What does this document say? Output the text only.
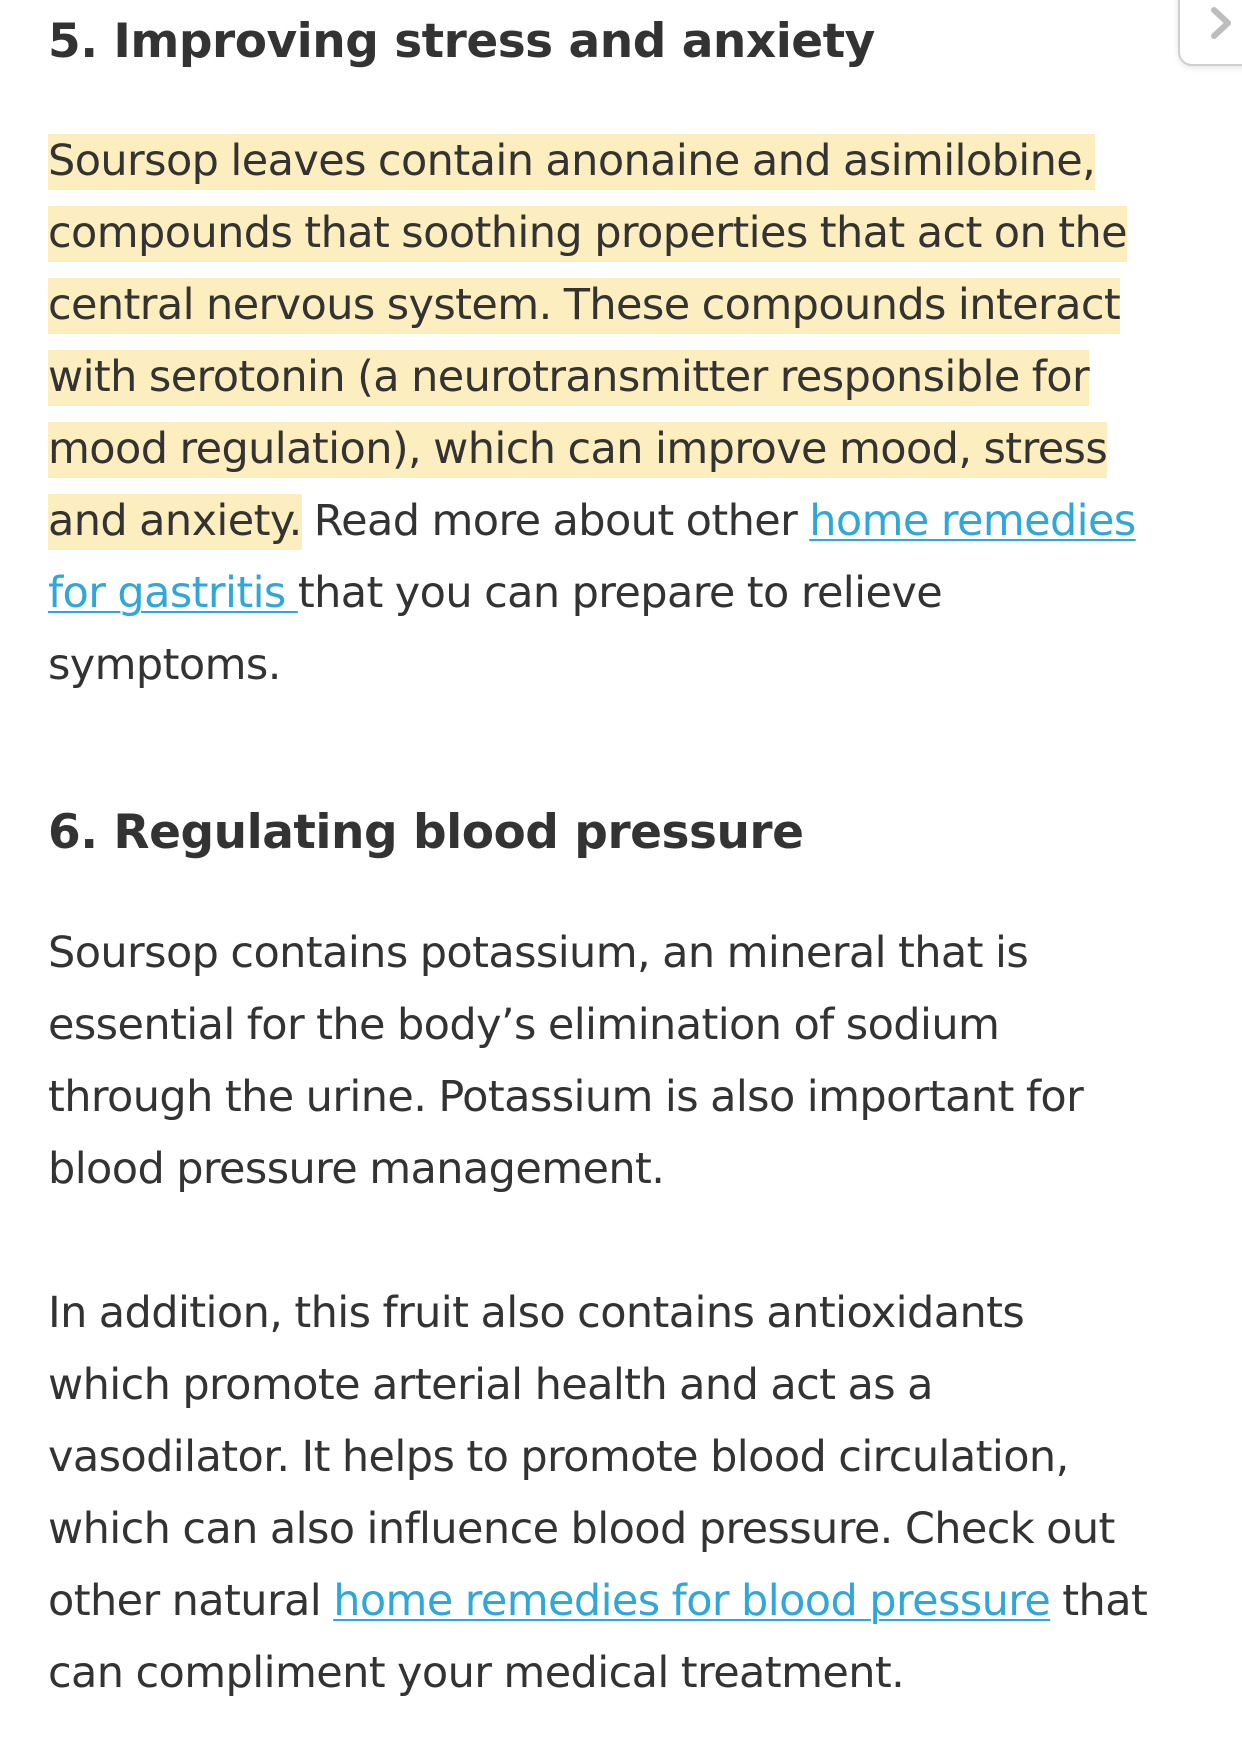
5. Improving stress and anxiety

Soursop leaves contain anonaine and asimilobine,
compounds that soothing properties that act on the
central nervous system. These compounds interact
with serotonin (a neurotransmitter responsible for
mood regulation), which can improve mood, stress
and anxiety. Read more about other home remedies
for gastritis that you can prepare to relieve
symptoms.

6. Regulating blood pressure

Soursop contains potassium, an mineral that is
essential for the body’s elimination of sodium
through the urine. Potassium is also important for
blood pressure management.

In addition, this fruit also contains antioxidants
which promote arterial health and act as a
vasodilator. It helps to promote blood circulation,
which can also influence blood pressure. Check out
other natural home remedies for blood pressure that
can compliment your medical treatment.
